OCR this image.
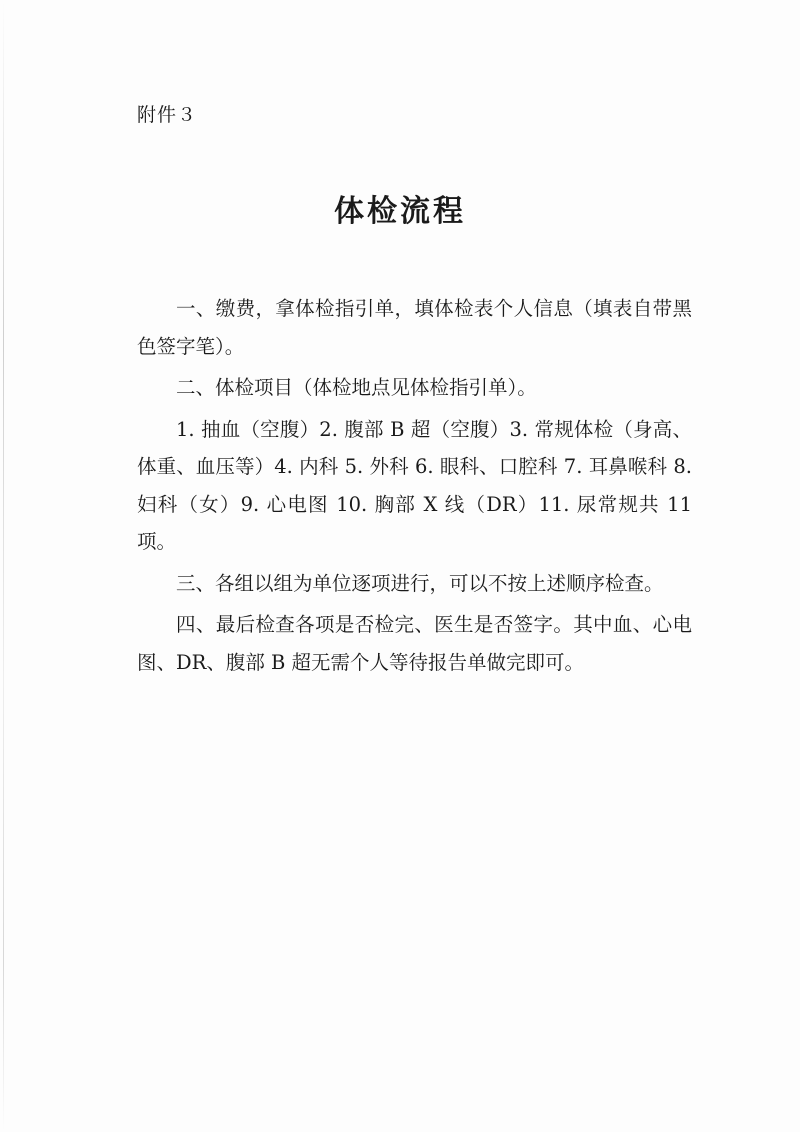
附件３
体检流程

一、缴费，拿体检指引单，填体检表个人信息（填表自带黑色签字笔）。

二、体检项目（体检地点见体检指引单）。

1. 抽血（空腹）2. 腹部 B 超（空腹）3. 常规体检（身高、体重、血压等）4. 内科 5. 外科 6. 眼科、口腔科 7. 耳鼻喉科 8. 妇科（女）9. 心电图 10. 胸部 X 线（DR）11. 尿常规共 11 项。

三、各组以组为单位逐项进行，可以不按上述顺序检查。

四、最后检查各项是否检完、医生是否签字。其中血、心电图、DR、腹部 B 超无需个人等待报告单做完即可。
